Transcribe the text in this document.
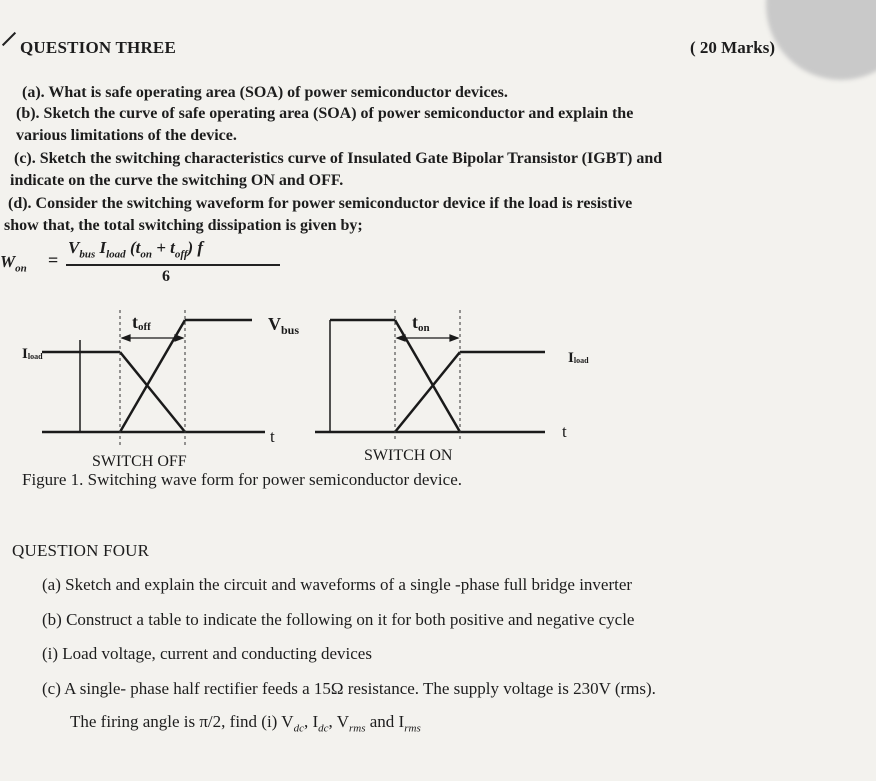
QUESTION THREE	( 20 Marks)
(a). What is safe operating area (SOA) of power semiconductor devices.
(b). Sketch the curve of safe operating area (SOA) of power semiconductor and explain the
various limitations of the device.
(c). Sketch the switching characteristics curve of Insulated Gate Bipolar Transistor (IGBT) and
indicate on the curve the switching ON and OFF.
(d). Consider the switching waveform for power semiconductor device if the load is resistive
show that, the total switching dissipation is given by;
$W_{on}$ =
$V_{bus}$ $I_{load}$ $(t_{on} + t_{off})$ f
6
toff	$V_{bus}$	ton
Iload	Iload
t	t
SWITCH OFF	SWITCH ON
Figure 1. Switching wave form for power semiconductor device.
QUESTION FOUR
(a) Sketch and explain the circuit and waveforms of a single -phase full bridge inverter
(b) Construct a table to indicate the following on it for both positive and negative cycle
(i) Load voltage, current and conducting devices
(c) A single- phase half rectifier feeds a 15Ω resistance. The supply voltage is 230V (rms).
The firing angle is π/2, find (i) $V_{dc}$, $I_{dc}$, $V_{rms}$ and $I_{rms}$
